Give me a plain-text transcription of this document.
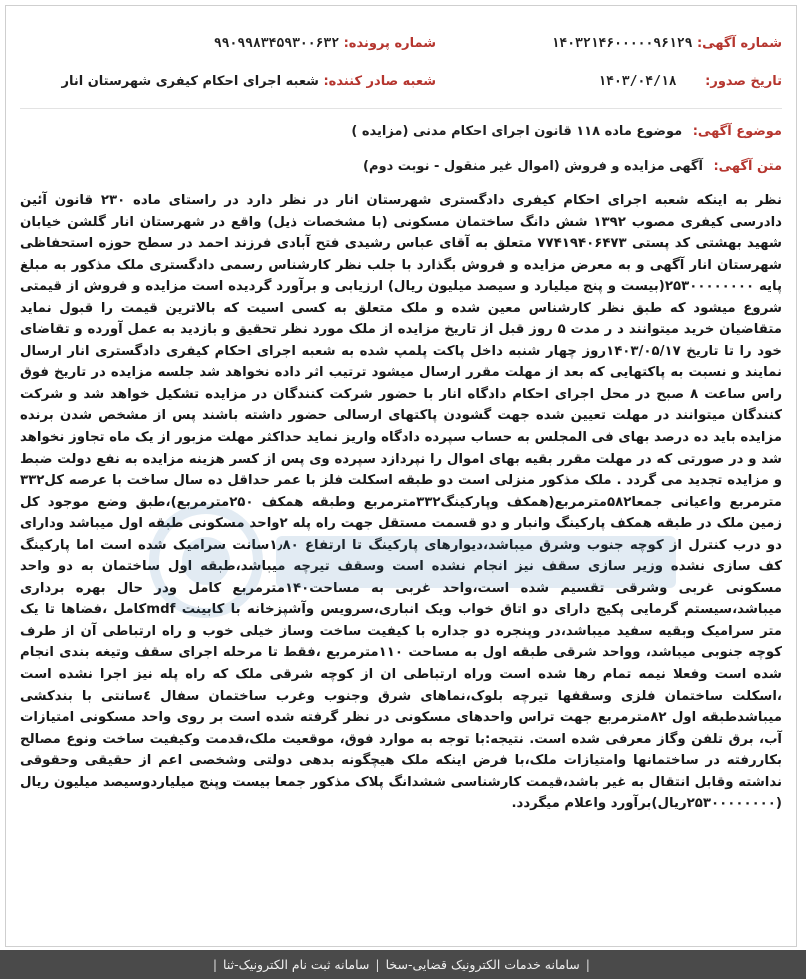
شماره آگهی: ۱۴۰۳۲۱۴۶۰۰۰۰۰۹۶۱۲۹
شماره پرونده: ۹۹۰۹۹۸۳۴۵۹۳۰۰۶۳۲
تاریخ صدور: ۱۴۰۳/۰۴/۱۸
شعبه صادر کننده: شعبه اجرای احکام کیفری شهرستان انار
موضوع آگهی: موضوع ماده ۱۱۸ قانون اجرای احکام مدنی (مزایده )
متن آگهی: آگهی مزایده و فروش (اموال غیر منقول - نوبت دوم)
نظر به اینکه شعبه اجرای احکام کیفری دادگستری شهرستان انار در نظر دارد در راستای ماده ۲۳۰ قانون آئین دادرسی کیفری مصوب ۱۳۹۲ شش دانگ ساختمان مسکونی (با مشخصات ذیل) واقع در شهرستان انار گلشن خیابان شهید بهشتی کد پستی ۷۷۴۱۹۴۰۶۴۷۳ متعلق به آقای عباس رشیدی فتح آبادی فرزند احمد در سطح حوزه استحفاظی شهرستان انار آگهی و به معرض مزایده و فروش بگذارد با جلب نظر کارشناس رسمی دادگستری ملک مذکور به مبلغ پایه ۲۵۳۰۰۰۰۰۰۰۰(بیست و پنج میلیارد و سیصد میلیون ریال) ارزیابی و برآورد گردیده است مزایده و فروش از قیمتی شروع میشود که طبق نظر کارشناس معین شده و ملک متعلق به کسی اسیت که بالاترین قیمت را قبول نماید متقاضیان خرید میتوانند د ر مدت ۵ روز قبل از تاریخ مزایده از ملک مورد نظر تحقیق و بازدید به عمل آورده و تقاضای خود را تا تاریخ ۱۴۰۳/۰۵/۱۷روز چهار شنبه داخل پاکت پلمپ شده به شعبه اجرای احکام کیفری دادگستری انار ارسال نمایند و نسبت به پاکتهایی که بعد از مهلت مقرر ارسال میشود ترتیب اثر داده نخواهد شد جلسه مزایده در تاریخ فوق راس ساعت ۸ صبح در محل اجرای احکام دادگاه انار با حضور شرکت کنندگان در مزایده تشکیل خواهد شد و شرکت کنندگان میتوانند در مهلت تعیین شده جهت گشودن پاکتهای ارسالی حضور داشته باشند پس از مشخص شدن برنده مزایده باید ده درصد بهای فی المجلس به حساب سپرده دادگاه واریز نماید حداکثر مهلت مزبور از یک ماه تجاوز نخواهد شد و در صورتی که در مهلت مقرر بقیه بهای اموال را نپردازد سپرده وی پس از کسر هزینه مزایده به نفع دولت ضبط و مزایده تجدید می گردد . ملک مذکور منزلی است دو طبقه اسکلت فلز با عمر حداقل ده سال ساخت با عرصه کل۳۳۲ مترمربع واعیانی جمعا۵۸۲مترمربع(همکف وپارکینگ۳۳۲مترمربع وطبقه همکف ۲۵۰مترمربع)،طبق وضع موجود کل زمین ملک در طبقه همکف پارکینگ وانبار و دو قسمت مستقل جهت راه پله ۲واحد مسکونی طبقه اول میباشد ودارای دو درب کنترل از کوچه جنوب وشرق میباشد،دیوارهای پارکینگ تا ارتفاع ۱٫۸۰سانت سرامیک شده است اما پارکینگ کف سازی نشده وزیر سازی سقف نیز انجام نشده است وسقف تیرچه میباشد،طبقه اول ساختمان به دو واحد مسکونی غربی وشرقی تقسیم شده است،واحد غربی به مساحت۱۴۰مترمربع کامل ودر حال بهره برداری میباشد،سیستم گرمایی پکیج دارای دو اتاق خواب ویک انباری،سرویس وآشپزخانه با کابینت mdfکامل ،فضاها تا یک متر سرامیک وبقیه سفید میباشد،در وپنجره دو جداره با کیفیت ساخت وساز خیلی خوب و راه ارتباطی آن از طرف کوچه جنوبی میباشد، وواحد شرقی طبقه اول به مساحت ۱۱۰مترمربع ،فقط تا مرحله اجرای سقف وتیغه بندی انجام شده است وفعلا نیمه تمام رها شده است وراه ارتباطی ان از کوچه شرقی ملک که راه پله نیز اجرا نشده است ،اسکلت ساختمان فلزی وسقفها تیرچه بلوک،نماهای شرق وجنوب وغرب ساختمان سفال ٤سانتی با بندکشی میباشدطبقه اول ۸۲مترمربع جهت تراس واحدهای مسکونی در نظر گرفته شده است بر روی واحد مسکونی امتیازات آب، برق تلفن وگاز معرفی شده است. نتیجه:با توجه به موارد فوق، موقعیت ملک،قدمت وکیفیت ساخت ونوع مصالح بکاررفته در ساختمانها وامتیازات ملک،با فرض اینکه ملک هیچگونه بدهی دولتی وشخصی اعم از حقیقی وحقوقی نداشته وقابل انتقال به غیر باشد،قیمت کارشناسی ششدانگ پلاک مذکور جمعا بیست وپنج میلیاردوسیصد میلیون ریال (۲۵۳۰۰۰۰۰۰۰۰ریال)برآورد واعلام میگردد.
|
سامانه خدمات الکترونیک قضایی-سخا
|
سامانه ثبت نام الکترونیک-ثنا
|
